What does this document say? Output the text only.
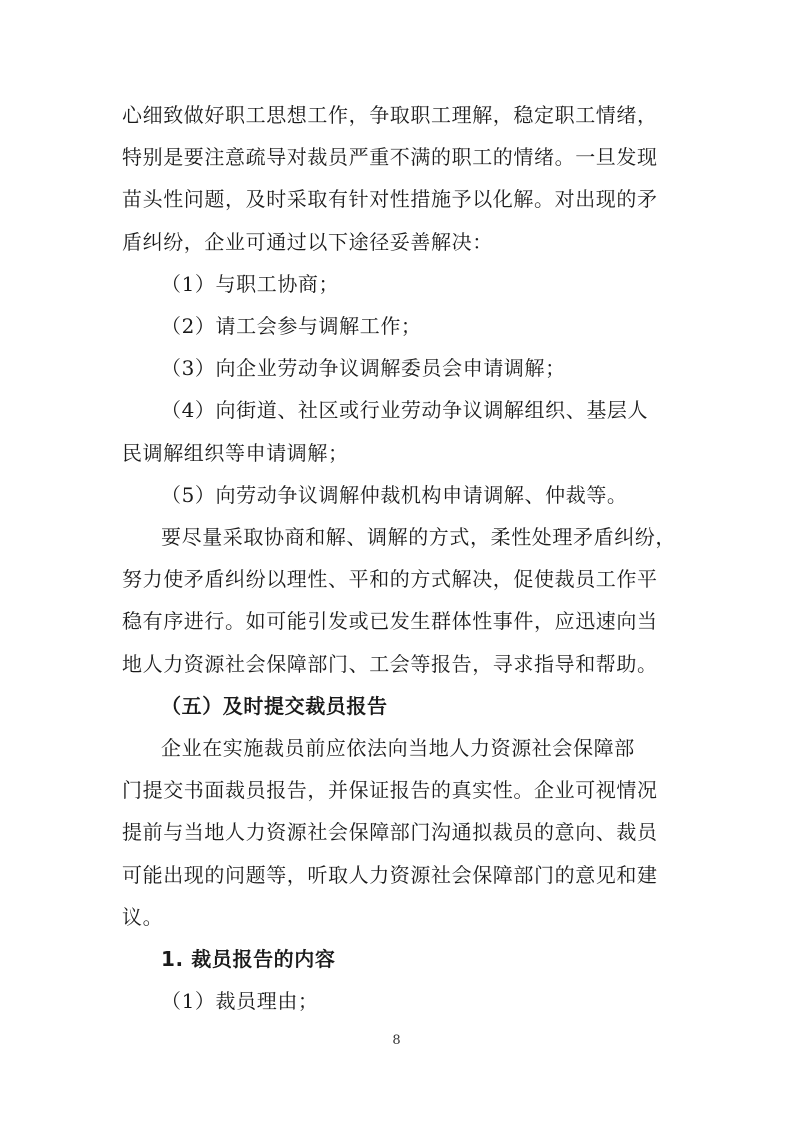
心细致做好职工思想工作，争取职工理解，稳定职工情绪，
特别是要注意疏导对裁员严重不满的职工的情绪。一旦发现
苗头性问题，及时采取有针对性措施予以化解。对出现的矛
盾纠纷，企业可通过以下途径妥善解决：
（1）与职工协商；
（2）请工会参与调解工作；
（3）向企业劳动争议调解委员会申请调解；
（4）向街道、社区或行业劳动争议调解组织、基层人
民调解组织等申请调解；
（5）向劳动争议调解仲裁机构申请调解、仲裁等。
要尽量采取协商和解、调解的方式，柔性处理矛盾纠纷，
努力使矛盾纠纷以理性、平和的方式解决，促使裁员工作平
稳有序进行。如可能引发或已发生群体性事件，应迅速向当
地人力资源社会保障部门、工会等报告，寻求指导和帮助。
（五）及时提交裁员报告
企业在实施裁员前应依法向当地人力资源社会保障部
门提交书面裁员报告，并保证报告的真实性。企业可视情况
提前与当地人力资源社会保障部门沟通拟裁员的意向、裁员
可能出现的问题等，听取人力资源社会保障部门的意见和建
议。
1. 裁员报告的内容
（1）裁员理由；
8
